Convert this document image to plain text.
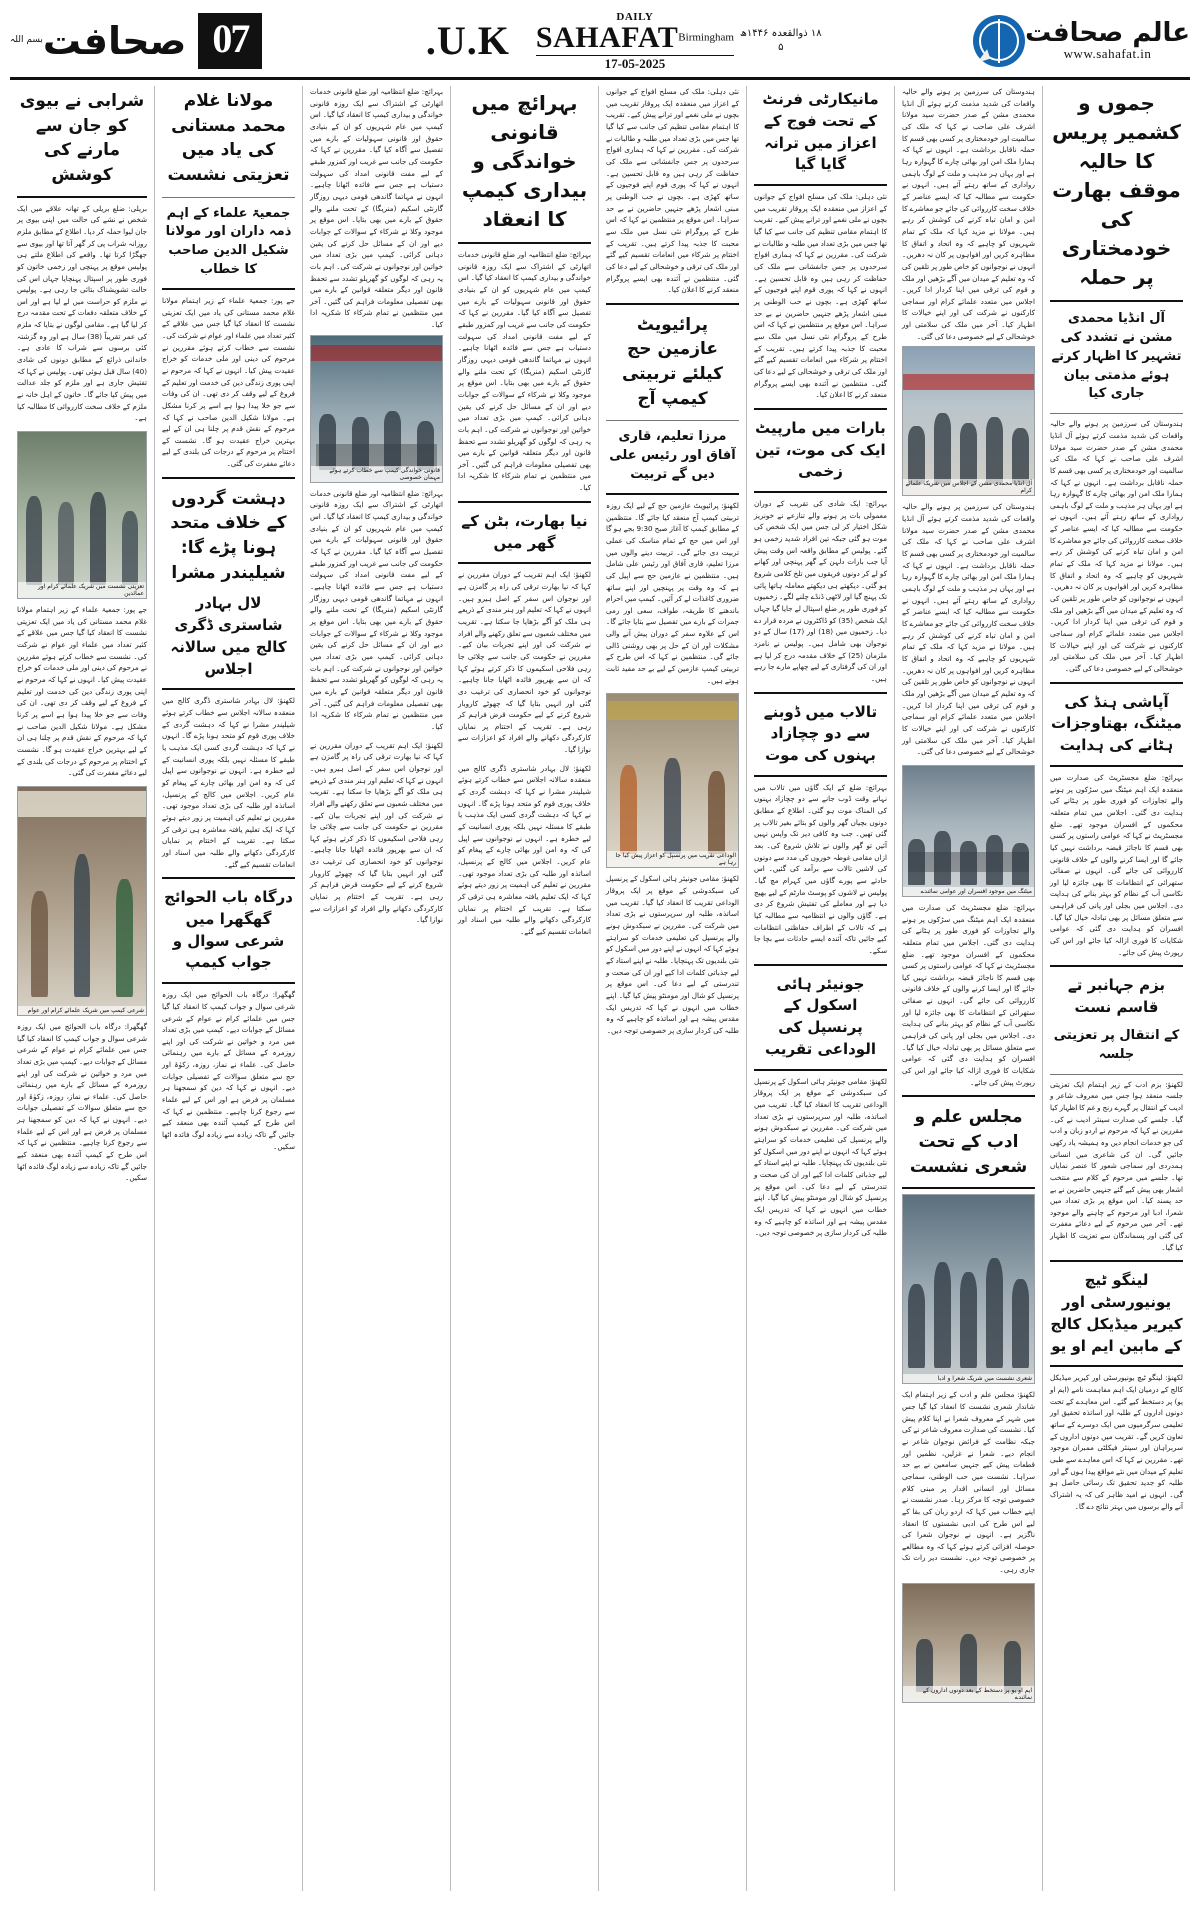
07
صحافت
بسم اللہ
۱۸ ذوالقعدہ ۱۴۴۶ھ
۵
DAILY
$SAHAFAT^{Birmingham}$
17-05-2025
U.K.	عالم صحافت
www.sahafat.in
جموں و کشمیر پریس کا حالیہ موقف بھارت کی خودمختاری پر حملہ
آل انڈیا محمدی مشن نے تشدد کی تشہیر کا اظہار کرتے ہوئے مذمتی بیان جاری کیا
ہندوستان کی سرزمین پر ہونے والے حالیہ واقعات کی شدید مذمت کرتے ہوئے آل انڈیا محمدی مشن کے صدر حضرت سید مولانا اشرف علی صاحب نے کہا کہ ملک کی سالمیت اور خودمختاری پر کسی بھی قسم کا حملہ ناقابل برداشت ہے۔ انہوں نے کہا کہ ہمارا ملک امن اور بھائی چارے کا گہوارہ رہا ہے اور یہاں ہر مذہب و ملت کے لوگ باہمی رواداری کے ساتھ رہتے آئے ہیں۔ انہوں نے حکومت سے مطالبہ کیا کہ ایسے عناصر کے خلاف سخت کارروائی کی جائے جو معاشرے کا امن و امان تباہ کرنے کی کوشش کر رہے ہیں۔ مولانا نے مزید کہا کہ ملک کے تمام شہریوں کو چاہیے کہ وہ اتحاد و اتفاق کا مظاہرہ کریں اور افواہوں پر کان نہ دھریں۔ انہوں نے نوجوانوں کو خاص طور پر تلقین کی کہ وہ تعلیم کے میدان میں آگے بڑھیں اور ملک و قوم کی ترقی میں اپنا کردار ادا کریں۔ اجلاس میں متعدد علمائے کرام اور سماجی کارکنوں نے شرکت کی اور اپنے خیالات کا اظہار کیا۔ آخر میں ملک کی سلامتی اور خوشحالی کے لیے خصوصی دعا کی گئی۔
آپاشی ہنڈ کی میٹنگ، بھتاوجزات ہٹانے کی ہدایت
بہرائچ: ضلع مجسٹریٹ کی صدارت میں منعقدہ ایک اہم میٹنگ میں سڑکوں پر ہونے والے تجاوزات کو فوری طور پر ہٹانے کی ہدایت دی گئی۔ اجلاس میں تمام متعلقہ محکموں کے افسران موجود تھے۔ ضلع مجسٹریٹ نے کہا کہ عوامی راستوں پر کسی بھی قسم کا ناجائز قبضہ برداشت نہیں کیا جائے گا اور ایسا کرنے والوں کے خلاف قانونی کارروائی کی جائے گی۔ انہوں نے صفائی ستھرائی کے انتظامات کا بھی جائزہ لیا اور نکاسی آب کے نظام کو بہتر بنانے کی ہدایت دی۔ اجلاس میں بجلی اور پانی کی فراہمی سے متعلق مسائل پر بھی تبادلہ خیال کیا گیا۔ افسران کو ہدایت دی گئی کہ عوامی شکایات کا فوری ازالہ کیا جائے اور اس کی رپورٹ پیش کی جائے۔
بزم جہانبر تے قاسم نست
کے انتقال پر تعزیتی جلسہ
لکھنؤ: بزم ادب کے زیر اہتمام ایک تعزیتی جلسہ منعقد ہوا جس میں معروف شاعر و ادیب کے انتقال پر گہرے رنج و غم کا اظہار کیا گیا۔ جلسے کی صدارت سینئر ادیب نے کی۔ مقررین نے کہا کہ مرحوم نے اردو زبان و ادب کی جو خدمات انجام دیں وہ ہمیشہ یاد رکھی جائیں گی۔ ان کی شاعری میں انسانی ہمدردی اور سماجی شعور کا عنصر نمایاں تھا۔ جلسے میں مرحوم کے کلام سے منتخب اشعار بھی پیش کیے گئے جنہیں حاضرین نے بے حد پسند کیا۔ اس موقع پر بڑی تعداد میں شعرا، ادبا اور مرحوم کے چاہنے والے موجود تھے۔ آخر میں مرحوم کے لیے دعائے مغفرت کی گئی اور پسماندگان سے تعزیت کا اظہار کیا گیا۔
لینگو ٹیچ یونیورسٹی اور کیریر میڈیکل کالج کے مابین ایم او یو
لکھنؤ: لینگو ٹیچ یونیورسٹی اور کیریر میڈیکل کالج کے درمیان ایک اہم مفاہمت نامے (ایم او یو) پر دستخط کیے گئے۔ اس معاہدے کے تحت دونوں اداروں کے طلبہ اور اساتذہ تحقیق اور تعلیمی سرگرمیوں میں ایک دوسرے کے ساتھ تعاون کریں گے۔ تقریب میں دونوں اداروں کے سربراہان اور سینئر فیکلٹی ممبران موجود تھے۔ مقررین نے کہا کہ اس معاہدے سے طبی تعلیم کے میدان میں نئے مواقع پیدا ہوں گے اور طلبہ کو جدید تحقیق تک رسائی حاصل ہو گی۔ انہوں نے امید ظاہر کی کہ یہ اشتراک آنے والے برسوں میں بہتر نتائج دے گا۔
ہندوستان کی سرزمین پر ہونے والے حالیہ واقعات کی شدید مذمت کرتے ہوئے آل انڈیا محمدی مشن کے صدر حضرت سید مولانا اشرف علی صاحب نے کہا کہ ملک کی سالمیت اور خودمختاری پر کسی بھی قسم کا حملہ ناقابل برداشت ہے۔ انہوں نے کہا کہ ہمارا ملک امن اور بھائی چارے کا گہوارہ رہا ہے اور یہاں ہر مذہب و ملت کے لوگ باہمی رواداری کے ساتھ رہتے آئے ہیں۔ انہوں نے حکومت سے مطالبہ کیا کہ ایسے عناصر کے خلاف سخت کارروائی کی جائے جو معاشرے کا امن و امان تباہ کرنے کی کوشش کر رہے ہیں۔ مولانا نے مزید کہا کہ ملک کے تمام شہریوں کو چاہیے کہ وہ اتحاد و اتفاق کا مظاہرہ کریں اور افواہوں پر کان نہ دھریں۔ انہوں نے نوجوانوں کو خاص طور پر تلقین کی کہ وہ تعلیم کے میدان میں آگے بڑھیں اور ملک و قوم کی ترقی میں اپنا کردار ادا کریں۔ اجلاس میں متعدد علمائے کرام اور سماجی کارکنوں نے شرکت کی اور اپنے خیالات کا اظہار کیا۔ آخر میں ملک کی سلامتی اور خوشحالی کے لیے خصوصی دعا کی گئی۔
آل انڈیا محمدی مشن کے اجلاس میں شریک علمائے کرام
ہندوستان کی سرزمین پر ہونے والے حالیہ واقعات کی شدید مذمت کرتے ہوئے آل انڈیا محمدی مشن کے صدر حضرت سید مولانا اشرف علی صاحب نے کہا کہ ملک کی سالمیت اور خودمختاری پر کسی بھی قسم کا حملہ ناقابل برداشت ہے۔ انہوں نے کہا کہ ہمارا ملک امن اور بھائی چارے کا گہوارہ رہا ہے اور یہاں ہر مذہب و ملت کے لوگ باہمی رواداری کے ساتھ رہتے آئے ہیں۔ انہوں نے حکومت سے مطالبہ کیا کہ ایسے عناصر کے خلاف سخت کارروائی کی جائے جو معاشرے کا امن و امان تباہ کرنے کی کوشش کر رہے ہیں۔ مولانا نے مزید کہا کہ ملک کے تمام شہریوں کو چاہیے کہ وہ اتحاد و اتفاق کا مظاہرہ کریں اور افواہوں پر کان نہ دھریں۔ انہوں نے نوجوانوں کو خاص طور پر تلقین کی کہ وہ تعلیم کے میدان میں آگے بڑھیں اور ملک و قوم کی ترقی میں اپنا کردار ادا کریں۔ اجلاس میں متعدد علمائے کرام اور سماجی کارکنوں نے شرکت کی اور اپنے خیالات کا اظہار کیا۔ آخر میں ملک کی سلامتی اور خوشحالی کے لیے خصوصی دعا کی گئی۔
میٹنگ میں موجود افسران اور عوامی نمائندے
بہرائچ: ضلع مجسٹریٹ کی صدارت میں منعقدہ ایک اہم میٹنگ میں سڑکوں پر ہونے والے تجاوزات کو فوری طور پر ہٹانے کی ہدایت دی گئی۔ اجلاس میں تمام متعلقہ محکموں کے افسران موجود تھے۔ ضلع مجسٹریٹ نے کہا کہ عوامی راستوں پر کسی بھی قسم کا ناجائز قبضہ برداشت نہیں کیا جائے گا اور ایسا کرنے والوں کے خلاف قانونی کارروائی کی جائے گی۔ انہوں نے صفائی ستھرائی کے انتظامات کا بھی جائزہ لیا اور نکاسی آب کے نظام کو بہتر بنانے کی ہدایت دی۔ اجلاس میں بجلی اور پانی کی فراہمی سے متعلق مسائل پر بھی تبادلہ خیال کیا گیا۔ افسران کو ہدایت دی گئی کہ عوامی شکایات کا فوری ازالہ کیا جائے اور اس کی رپورٹ پیش کی جائے۔
مجلس علم و ادب کے تحت شعری نشست
شعری نشست میں شریک شعرا و ادبا
لکھنؤ: مجلس علم و ادب کے زیر اہتمام ایک شاندار شعری نشست کا انعقاد کیا گیا جس میں شہر کے معروف شعرا نے اپنا کلام پیش کیا۔ نشست کی صدارت معروف شاعر نے کی جبکہ نظامت کے فرائض نوجوان شاعر نے انجام دیے۔ شعرا نے غزلیں، نظمیں اور قطعات پیش کیے جنہیں سامعین نے بے حد سراہا۔ نشست میں حب الوطنی، سماجی مسائل اور انسانی اقدار پر مبنی کلام خصوصی توجہ کا مرکز رہا۔ صدر نشست نے اپنے خطاب میں کہا کہ اردو زبان کی بقا کے لیے اس طرح کی ادبی نشستوں کا انعقاد ناگزیر ہے۔ انہوں نے نوجوان شعرا کی حوصلہ افزائی کرتے ہوئے کہا کہ وہ مطالعے پر خصوصی توجہ دیں۔ نشست دیر رات تک جاری رہی۔
ایم او یو پر دستخط کے بعد دونوں اداروں کے نمائندے
مانیکارٹی فرنٹ کے تحت فوج کے اعزاز میں ترانہ گایا گیا
نئی دہلی: ملک کی مسلح افواج کے جوانوں کے اعزاز میں منعقدہ ایک پروقار تقریب میں بچوں نے ملی نغمے اور ترانے پیش کیے۔ تقریب کا اہتمام مقامی تنظیم کی جانب سے کیا گیا تھا جس میں بڑی تعداد میں طلبہ و طالبات نے شرکت کی۔ مقررین نے کہا کہ ہماری افواج سرحدوں پر جس جانفشانی سے ملک کی حفاظت کر رہی ہیں وہ قابل تحسین ہے۔ انہوں نے کہا کہ پوری قوم اپنے فوجیوں کے ساتھ کھڑی ہے۔ بچوں نے حب الوطنی پر مبنی اشعار پڑھے جنہیں حاضرین نے بے حد سراہا۔ اس موقع پر منتظمین نے کہا کہ اس طرح کے پروگرام نئی نسل میں ملک سے محبت کا جذبہ پیدا کرتے ہیں۔ تقریب کے اختتام پر شرکاء میں انعامات تقسیم کیے گئے اور ملک کی ترقی و خوشحالی کے لیے دعا کی گئی۔ منتظمین نے آئندہ بھی ایسے پروگرام منعقد کرنے کا اعلان کیا۔
بارات میں مارپیٹ ایک کی موت، تین زخمی
بہرائچ: ایک شادی کی تقریب کے دوران معمولی بات پر ہونے والے تنازعے نے خونریز شکل اختیار کر لی جس میں ایک شخص کی موت ہو گئی جبکہ تین افراد شدید زخمی ہو گئے۔ پولیس کے مطابق واقعہ اس وقت پیش آیا جب بارات دلہن کے گھر پہنچی اور کھانے کو لے کر دونوں فریقوں میں تلخ کلامی شروع ہو گئی۔ دیکھتے ہی دیکھتے معاملہ ہاتھا پائی تک پہنچ گیا اور لاٹھی ڈنڈے چلنے لگے۔ زخمیوں کو فوری طور پر ضلع اسپتال لے جایا گیا جہاں ایک شخص (35) کو ڈاکٹروں نے مردہ قرار دے دیا۔ زخمیوں میں (18) اور (17) سال کے دو نوجوان بھی شامل ہیں۔ پولیس نے نامزد ملزمان (25) کے خلاف مقدمہ درج کر لیا ہے اور ان کی گرفتاری کے لیے چھاپے مارے جا رہے ہیں۔
تالاب میں ڈوبنے سے دو چچازاد بہنوں کی موت
بہرائچ: ضلع کے ایک گاؤں میں تالاب میں نہاتے وقت ڈوب جانے سے دو چچازاد بہنوں کی المناک موت ہو گئی۔ اطلاع کے مطابق دونوں بچیاں گھر والوں کو بتائے بغیر تالاب پر گئی تھیں۔ جب وہ کافی دیر تک واپس نہیں آئیں تو گھر والوں نے تلاش شروع کی۔ بعد ازاں مقامی غوطہ خوروں کی مدد سے دونوں کی لاشیں تالاب سے برآمد کی گئیں۔ اس حادثے سے پورے گاؤں میں کہرام مچ گیا۔ پولیس نے لاشوں کو پوسٹ مارٹم کے لیے بھیج دیا ہے اور معاملے کی تفتیش شروع کر دی ہے۔ گاؤں والوں نے انتظامیہ سے مطالبہ کیا ہے کہ تالاب کے اطراف حفاظتی انتظامات کیے جائیں تاکہ آئندہ ایسے حادثات سے بچا جا سکے۔
جونیئر ہائی اسکول کے پرنسپل کی الوداعی تقریب
لکھنؤ: مقامی جونیئر ہائی اسکول کے پرنسپل کی سبکدوشی کے موقع پر ایک پروقار الوداعی تقریب کا انعقاد کیا گیا۔ تقریب میں اساتذہ، طلبہ اور سرپرستوں نے بڑی تعداد میں شرکت کی۔ مقررین نے سبکدوش ہونے والے پرنسپل کی تعلیمی خدمات کو سراہتے ہوئے کہا کہ انہوں نے اپنے دور میں اسکول کو نئی بلندیوں تک پہنچایا۔ طلبہ نے اپنے استاد کے لیے جذباتی کلمات ادا کیے اور ان کی صحت و تندرستی کے لیے دعا کی۔ اس موقع پر پرنسپل کو شال اور مومنٹو پیش کیا گیا۔ اپنے خطاب میں انہوں نے کہا کہ تدریس ایک مقدس پیشہ ہے اور اساتذہ کو چاہیے کہ وہ طلبہ کی کردار سازی پر خصوصی توجہ دیں۔
نئی دہلی: ملک کی مسلح افواج کے جوانوں کے اعزاز میں منعقدہ ایک پروقار تقریب میں بچوں نے ملی نغمے اور ترانے پیش کیے۔ تقریب کا اہتمام مقامی تنظیم کی جانب سے کیا گیا تھا جس میں بڑی تعداد میں طلبہ و طالبات نے شرکت کی۔ مقررین نے کہا کہ ہماری افواج سرحدوں پر جس جانفشانی سے ملک کی حفاظت کر رہی ہیں وہ قابل تحسین ہے۔ انہوں نے کہا کہ پوری قوم اپنے فوجیوں کے ساتھ کھڑی ہے۔ بچوں نے حب الوطنی پر مبنی اشعار پڑھے جنہیں حاضرین نے بے حد سراہا۔ اس موقع پر منتظمین نے کہا کہ اس طرح کے پروگرام نئی نسل میں ملک سے محبت کا جذبہ پیدا کرتے ہیں۔ تقریب کے اختتام پر شرکاء میں انعامات تقسیم کیے گئے اور ملک کی ترقی و خوشحالی کے لیے دعا کی گئی۔ منتظمین نے آئندہ بھی ایسے پروگرام منعقد کرنے کا اعلان کیا۔
پرائیویٹ عازمین حج کیلئے تربیتی کیمپ آج
مرزا تعلیم، قاری آفاق اور رئیس علی دیں گے تربیت
لکھنؤ: پرائیویٹ عازمین حج کے لیے ایک روزہ تربیتی کیمپ آج منعقد کیا جائے گا۔ منتظمین کے مطابق کیمپ کا آغاز صبح 9:30 بجے ہو گا اور اس میں حج کے تمام مناسک کی عملی تربیت دی جائے گی۔ تربیت دینے والوں میں مرزا تعلیم، قاری آفاق اور رئیس علی شامل ہیں۔ منتظمین نے عازمین حج سے اپیل کی ہے کہ وہ وقت پر پہنچیں اور اپنے ساتھ ضروری کاغذات لے کر آئیں۔ کیمپ میں احرام باندھنے کا طریقہ، طواف، سعی اور رمی جمرات کے بارے میں تفصیل سے بتایا جائے گا۔ اس کے علاوہ سفر کے دوران پیش آنے والی مشکلات اور ان کے حل پر بھی روشنی ڈالی جائے گی۔ منتظمین نے کہا کہ اس طرح کے تربیتی کیمپ عازمین کے لیے بے حد مفید ثابت ہوتے ہیں۔
الوداعی تقریب میں پرنسپل کو اعزاز پیش کیا جا رہا ہے
لکھنؤ: مقامی جونیئر ہائی اسکول کے پرنسپل کی سبکدوشی کے موقع پر ایک پروقار الوداعی تقریب کا انعقاد کیا گیا۔ تقریب میں اساتذہ، طلبہ اور سرپرستوں نے بڑی تعداد میں شرکت کی۔ مقررین نے سبکدوش ہونے والے پرنسپل کی تعلیمی خدمات کو سراہتے ہوئے کہا کہ انہوں نے اپنے دور میں اسکول کو نئی بلندیوں تک پہنچایا۔ طلبہ نے اپنے استاد کے لیے جذباتی کلمات ادا کیے اور ان کی صحت و تندرستی کے لیے دعا کی۔ اس موقع پر پرنسپل کو شال اور مومنٹو پیش کیا گیا۔ اپنے خطاب میں انہوں نے کہا کہ تدریس ایک مقدس پیشہ ہے اور اساتذہ کو چاہیے کہ وہ طلبہ کی کردار سازی پر خصوصی توجہ دیں۔
بہرائچ میں قانونی خواندگی و بیداری کیمپ کا انعقاد
بہرائچ: ضلع انتظامیہ اور ضلع قانونی خدمات اتھارٹی کے اشتراک سے ایک روزہ قانونی خواندگی و بیداری کیمپ کا انعقاد کیا گیا۔ اس کیمپ میں عام شہریوں کو ان کے بنیادی حقوق اور قانونی سہولیات کے بارے میں تفصیل سے آگاہ کیا گیا۔ مقررین نے کہا کہ حکومت کی جانب سے غریب اور کمزور طبقے کے لیے مفت قانونی امداد کی سہولت دستیاب ہے جس سے فائدہ اٹھانا چاہیے۔ انہوں نے مہاتما گاندھی قومی دیہی روزگار گارنٹی اسکیم (منریگا) کے تحت ملنے والے حقوق کے بارے میں بھی بتایا۔ اس موقع پر موجود وکلا نے شرکاء کے سوالات کے جوابات دیے اور ان کے مسائل حل کرنے کی یقین دہانی کرائی۔ کیمپ میں بڑی تعداد میں خواتین اور نوجوانوں نے شرکت کی۔ اہم بات یہ رہی کہ لوگوں کو گھریلو تشدد سے تحفظ قانون اور دیگر متعلقہ قوانین کے بارے میں بھی تفصیلی معلومات فراہم کی گئیں۔ آخر میں منتظمین نے تمام شرکاء کا شکریہ ادا کیا۔
نیا بھارت، بٹن کے گھر میں
لکھنؤ: ایک اہم تقریب کے دوران مقررین نے کہا کہ نیا بھارت ترقی کی راہ پر گامزن ہے اور نوجوان اس سفر کے اصل ہیرو ہیں۔ انہوں نے کہا کہ تعلیم اور ہنر مندی کے ذریعے ہی ملک کو آگے بڑھایا جا سکتا ہے۔ تقریب میں مختلف شعبوں سے تعلق رکھنے والے افراد نے شرکت کی اور اپنے تجربات بیان کیے۔ مقررین نے حکومت کی جانب سے چلائی جا رہی فلاحی اسکیموں کا ذکر کرتے ہوئے کہا کہ ان سے بھرپور فائدہ اٹھایا جانا چاہیے۔ نوجوانوں کو خود انحصاری کی ترغیب دی گئی اور انہیں بتایا گیا کہ چھوٹے کاروبار شروع کرنے کے لیے حکومت قرض فراہم کر رہی ہے۔ تقریب کے اختتام پر نمایاں کارکردگی دکھانے والے افراد کو اعزازات سے نوازا گیا۔
لکھنؤ: لال بہادر شاستری ڈگری کالج میں منعقدہ سالانہ اجلاس سے خطاب کرتے ہوئے شیلیندر مشرا نے کہا کہ دہشت گردی کے خلاف پوری قوم کو متحد ہونا پڑے گا۔ انہوں نے کہا کہ دہشت گردی کسی ایک مذہب یا طبقے کا مسئلہ نہیں بلکہ پوری انسانیت کے لیے خطرہ ہے۔ انہوں نے نوجوانوں سے اپیل کی کہ وہ امن اور بھائی چارے کے پیغام کو عام کریں۔ اجلاس میں کالج کے پرنسپل، اساتذہ اور طلبہ کی بڑی تعداد موجود تھی۔ مقررین نے تعلیم کی اہمیت پر زور دیتے ہوئے کہا کہ ایک تعلیم یافتہ معاشرہ ہی ترقی کر سکتا ہے۔ تقریب کے اختتام پر نمایاں کارکردگی دکھانے والے طلبہ میں اسناد اور انعامات تقسیم کیے گئے۔
بہرائچ: ضلع انتظامیہ اور ضلع قانونی خدمات اتھارٹی کے اشتراک سے ایک روزہ قانونی خواندگی و بیداری کیمپ کا انعقاد کیا گیا۔ اس کیمپ میں عام شہریوں کو ان کے بنیادی حقوق اور قانونی سہولیات کے بارے میں تفصیل سے آگاہ کیا گیا۔ مقررین نے کہا کہ حکومت کی جانب سے غریب اور کمزور طبقے کے لیے مفت قانونی امداد کی سہولت دستیاب ہے جس سے فائدہ اٹھانا چاہیے۔ انہوں نے مہاتما گاندھی قومی دیہی روزگار گارنٹی اسکیم (منریگا) کے تحت ملنے والے حقوق کے بارے میں بھی بتایا۔ اس موقع پر موجود وکلا نے شرکاء کے سوالات کے جوابات دیے اور ان کے مسائل حل کرنے کی یقین دہانی کرائی۔ کیمپ میں بڑی تعداد میں خواتین اور نوجوانوں نے شرکت کی۔ اہم بات یہ رہی کہ لوگوں کو گھریلو تشدد سے تحفظ قانون اور دیگر متعلقہ قوانین کے بارے میں بھی تفصیلی معلومات فراہم کی گئیں۔ آخر میں منتظمین نے تمام شرکاء کا شکریہ ادا کیا۔
قانونی خواندگی کیمپ سے خطاب کرتے ہوئے مہمان خصوصی
بہرائچ: ضلع انتظامیہ اور ضلع قانونی خدمات اتھارٹی کے اشتراک سے ایک روزہ قانونی خواندگی و بیداری کیمپ کا انعقاد کیا گیا۔ اس کیمپ میں عام شہریوں کو ان کے بنیادی حقوق اور قانونی سہولیات کے بارے میں تفصیل سے آگاہ کیا گیا۔ مقررین نے کہا کہ حکومت کی جانب سے غریب اور کمزور طبقے کے لیے مفت قانونی امداد کی سہولت دستیاب ہے جس سے فائدہ اٹھانا چاہیے۔ انہوں نے مہاتما گاندھی قومی دیہی روزگار گارنٹی اسکیم (منریگا) کے تحت ملنے والے حقوق کے بارے میں بھی بتایا۔ اس موقع پر موجود وکلا نے شرکاء کے سوالات کے جوابات دیے اور ان کے مسائل حل کرنے کی یقین دہانی کرائی۔ کیمپ میں بڑی تعداد میں خواتین اور نوجوانوں نے شرکت کی۔ اہم بات یہ رہی کہ لوگوں کو گھریلو تشدد سے تحفظ قانون اور دیگر متعلقہ قوانین کے بارے میں بھی تفصیلی معلومات فراہم کی گئیں۔ آخر میں منتظمین نے تمام شرکاء کا شکریہ ادا کیا۔
لکھنؤ: ایک اہم تقریب کے دوران مقررین نے کہا کہ نیا بھارت ترقی کی راہ پر گامزن ہے اور نوجوان اس سفر کے اصل ہیرو ہیں۔ انہوں نے کہا کہ تعلیم اور ہنر مندی کے ذریعے ہی ملک کو آگے بڑھایا جا سکتا ہے۔ تقریب میں مختلف شعبوں سے تعلق رکھنے والے افراد نے شرکت کی اور اپنے تجربات بیان کیے۔ مقررین نے حکومت کی جانب سے چلائی جا رہی فلاحی اسکیموں کا ذکر کرتے ہوئے کہا کہ ان سے بھرپور فائدہ اٹھایا جانا چاہیے۔ نوجوانوں کو خود انحصاری کی ترغیب دی گئی اور انہیں بتایا گیا کہ چھوٹے کاروبار شروع کرنے کے لیے حکومت قرض فراہم کر رہی ہے۔ تقریب کے اختتام پر نمایاں کارکردگی دکھانے والے افراد کو اعزازات سے نوازا گیا۔
مولانا غلام محمد مستانی کی یاد میں تعزیتی نشست
جمعیۃ علماء کے اہم ذمہ داران اور مولانا شکیل الدین صاحب کا خطاب
جے پور: جمعیۃ علماء کے زیر اہتمام مولانا غلام محمد مستانی کی یاد میں ایک تعزیتی نشست کا انعقاد کیا گیا جس میں علاقے کے کثیر تعداد میں علماء اور عوام نے شرکت کی۔ نشست سے خطاب کرتے ہوئے مقررین نے مرحوم کی دینی اور ملی خدمات کو خراج عقیدت پیش کیا۔ انہوں نے کہا کہ مرحوم نے اپنی پوری زندگی دین کی خدمت اور تعلیم کے فروغ کے لیے وقف کر دی تھی۔ ان کی وفات سے جو خلا پیدا ہوا ہے اسے پر کرنا مشکل ہے۔ مولانا شکیل الدین صاحب نے کہا کہ مرحوم کے نقش قدم پر چلنا ہی ان کے لیے بہترین خراج عقیدت ہو گا۔ نشست کے اختتام پر مرحوم کے درجات کی بلندی کے لیے دعائے مغفرت کی گئی۔
دہشت گردوں کے خلاف متحد ہونا پڑے گا: شیلیندر مشرا
لال بہادر شاستری ڈگری کالج میں سالانہ اجلاس
لکھنؤ: لال بہادر شاستری ڈگری کالج میں منعقدہ سالانہ اجلاس سے خطاب کرتے ہوئے شیلیندر مشرا نے کہا کہ دہشت گردی کے خلاف پوری قوم کو متحد ہونا پڑے گا۔ انہوں نے کہا کہ دہشت گردی کسی ایک مذہب یا طبقے کا مسئلہ نہیں بلکہ پوری انسانیت کے لیے خطرہ ہے۔ انہوں نے نوجوانوں سے اپیل کی کہ وہ امن اور بھائی چارے کے پیغام کو عام کریں۔ اجلاس میں کالج کے پرنسپل، اساتذہ اور طلبہ کی بڑی تعداد موجود تھی۔ مقررین نے تعلیم کی اہمیت پر زور دیتے ہوئے کہا کہ ایک تعلیم یافتہ معاشرہ ہی ترقی کر سکتا ہے۔ تقریب کے اختتام پر نمایاں کارکردگی دکھانے والے طلبہ میں اسناد اور انعامات تقسیم کیے گئے۔
درگاہ باب الحوائج گھگھرا میں شرعی سوال و جواب کیمپ
گھگھرا: درگاہ باب الحوائج میں ایک روزہ شرعی سوال و جواب کیمپ کا انعقاد کیا گیا جس میں علمائے کرام نے عوام کے شرعی مسائل کے جوابات دیے۔ کیمپ میں بڑی تعداد میں مرد و خواتین نے شرکت کی اور اپنے روزمرہ کے مسائل کے بارے میں رہنمائی حاصل کی۔ علماء نے نماز، روزہ، زکوٰۃ اور حج سے متعلق سوالات کے تفصیلی جوابات دیے۔ انہوں نے کہا کہ دین کو سمجھنا ہر مسلمان پر فرض ہے اور اس کے لیے علماء سے رجوع کرنا چاہیے۔ منتظمین نے کہا کہ اس طرح کے کیمپ آئندہ بھی منعقد کیے جائیں گے تاکہ زیادہ سے زیادہ لوگ فائدہ اٹھا سکیں۔
شرابی نے بیوی کو جان سے مارنے کی کوشش
بریلی: ضلع بریلی کے تھانہ علاقے میں ایک شخص نے نشے کی حالت میں اپنی بیوی پر جان لیوا حملہ کر دیا۔ اطلاع کے مطابق ملزم روزانہ شراب پی کر گھر آتا تھا اور بیوی سے جھگڑا کرتا تھا۔ واقعے کی اطلاع ملتے ہی پولیس موقع پر پہنچی اور زخمی خاتون کو فوری طور پر اسپتال پہنچایا جہاں اس کی حالت تشویشناک بتائی جا رہی ہے۔ پولیس نے ملزم کو حراست میں لے لیا ہے اور اس کے خلاف متعلقہ دفعات کے تحت مقدمہ درج کر لیا گیا ہے۔ مقامی لوگوں نے بتایا کہ ملزم کی عمر تقریباً (38) سال ہے اور وہ گزشتہ کئی برسوں سے شراب کا عادی ہے۔ خاندانی ذرائع کے مطابق دونوں کی شادی (40) سال قبل ہوئی تھی۔ پولیس نے کہا کہ تفتیش جاری ہے اور ملزم کو جلد عدالت میں پیش کیا جائے گا۔ خاتون کے اہل خانہ نے ملزم کے خلاف سخت کارروائی کا مطالبہ کیا ہے۔
تعزیتی نشست میں شریک علمائے کرام اور عمائدین
جے پور: جمعیۃ علماء کے زیر اہتمام مولانا غلام محمد مستانی کی یاد میں ایک تعزیتی نشست کا انعقاد کیا گیا جس میں علاقے کے کثیر تعداد میں علماء اور عوام نے شرکت کی۔ نشست سے خطاب کرتے ہوئے مقررین نے مرحوم کی دینی اور ملی خدمات کو خراج عقیدت پیش کیا۔ انہوں نے کہا کہ مرحوم نے اپنی پوری زندگی دین کی خدمت اور تعلیم کے فروغ کے لیے وقف کر دی تھی۔ ان کی وفات سے جو خلا پیدا ہوا ہے اسے پر کرنا مشکل ہے۔ مولانا شکیل الدین صاحب نے کہا کہ مرحوم کے نقش قدم پر چلنا ہی ان کے لیے بہترین خراج عقیدت ہو گا۔ نشست کے اختتام پر مرحوم کے درجات کی بلندی کے لیے دعائے مغفرت کی گئی۔
شرعی کیمپ میں شریک علمائے کرام اور عوام
گھگھرا: درگاہ باب الحوائج میں ایک روزہ شرعی سوال و جواب کیمپ کا انعقاد کیا گیا جس میں علمائے کرام نے عوام کے شرعی مسائل کے جوابات دیے۔ کیمپ میں بڑی تعداد میں مرد و خواتین نے شرکت کی اور اپنے روزمرہ کے مسائل کے بارے میں رہنمائی حاصل کی۔ علماء نے نماز، روزہ، زکوٰۃ اور حج سے متعلق سوالات کے تفصیلی جوابات دیے۔ انہوں نے کہا کہ دین کو سمجھنا ہر مسلمان پر فرض ہے اور اس کے لیے علماء سے رجوع کرنا چاہیے۔ منتظمین نے کہا کہ اس طرح کے کیمپ آئندہ بھی منعقد کیے جائیں گے تاکہ زیادہ سے زیادہ لوگ فائدہ اٹھا سکیں۔
